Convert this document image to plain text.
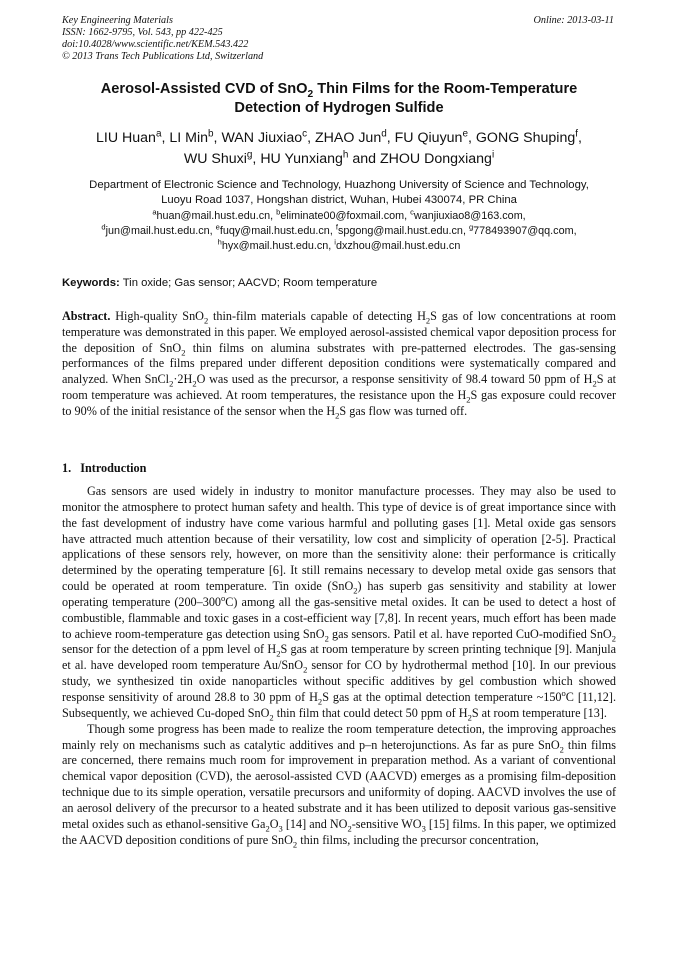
Key Engineering Materials
ISSN: 1662-9795, Vol. 543, pp 422-425
doi:10.4028/www.scientific.net/KEM.543.422
© 2013 Trans Tech Publications Ltd, Switzerland
Online: 2013-03-11
Aerosol-Assisted CVD of SnO$_2$ Thin Films for the Room-Temperature
Detection of Hydrogen Sulfide
LIU Huan$^a$, LI Min$^b$, WAN Jiuxiao$^c$, ZHAO Jun$^d$, FU Qiuyun$^e$, GONG Shuping$^f$,
WU Shuxi$^g$, HU Yunxiang$^h$ and ZHOU Dongxiang$^i$
Department of Electronic Science and Technology, Huazhong University of Science and Technology,
Luoyu Road 1037, Hongshan district, Wuhan, Hubei 430074, PR China
$^a$huan@mail.hust.edu.cn, $^b$eliminate00@foxmail.com, $^c$wanjiuxiao8@163.com,
$^d$jun@mail.hust.edu.cn, $^e$fuqy@mail.hust.edu.cn, $^f$spgong@mail.hust.edu.cn, $^g$778493907@qq.com,
$^h$hyx@mail.hust.edu.cn, $^i$dxzhou@mail.hust.edu.cn
Keywords: Tin oxide; Gas sensor; AACVD; Room temperature
Abstract. High-quality SnO$_2$ thin-film materials capable of detecting $H_2S$ gas of low concentrations at room temperature was demonstrated in this paper. We employed aerosol-assisted chemical vapor deposition process for the deposition of SnO$_2$ thin films on alumina substrates with pre-patterned electrodes. The gas-sensing performances of the films prepared under different deposition conditions were systematically compared and analyzed. When $SnCl_2\cdot 2H_2O$ was used as the precursor, a response sensitivity of 98.4 toward 50 ppm of $H_2S$ at room temperature was achieved. At room temperatures, the resistance upon the $H_2S$ gas exposure could recover to 90% of the initial resistance of the sensor when the $H_2S$ gas flow was turned off.
1. Introduction

Gas sensors are used widely in industry to monitor manufacture processes. They may also be used to monitor the atmosphere to protect human safety and health. This type of device is of great importance since with the fast development of industry have come various harmful and polluting gases [1]. Metal oxide gas sensors have attracted much attention because of their versatility, low cost and simplicity of operation [2-5]. Practical applications of these sensors rely, however, on more than the sensitivity alone: their performance is critically determined by the operating temperature [6]. It still remains necessary to develop metal oxide gas sensors that could be operated at room temperature. Tin oxide (SnO$_2$) has superb gas sensitivity and stability at lower operating temperature (200–300$^o$C) among all the gas-sensitive metal oxides. It can be used to detect a host of combustible, flammable and toxic gases in a cost-efficient way [7,8]. In recent years, much effort has been made to achieve room-temperature gas detection using SnO$_2$ gas sensors. Patil et al. have reported CuO-modified SnO$_2$ sensor for the detection of a ppm level of $H_2S$ gas at room temperature by screen printing technique [9]. Manjula et al. have developed room temperature Au/SnO$_2$ sensor for CO by hydrothermal method [10]. In our previous study, we synthesized tin oxide nanoparticles without specific additives by gel combustion which showed response sensitivity of around 28.8 to 30 ppm of $H_2S$ gas at the optimal detection temperature ~150$^o$C [11,12]. Subsequently, we achieved Cu-doped SnO$_2$ thin film that could detect 50 ppm of $H_2S$ at room temperature [13].

Though some progress has been made to realize the room temperature detection, the improving approaches mainly rely on mechanisms such as catalytic additives and p–n heterojunctions. As far as pure SnO$_2$ thin films are concerned, there remains much room for improvement in preparation method. As a variant of conventional chemical vapor deposition (CVD), the aerosol-assisted CVD (AACVD) emerges as a promising film-deposition technique due to its simple operation, versatile precursors and uniformity of doping. AACVD involves the use of an aerosol delivery of the precursor to a heated substrate and it has been utilized to deposit various gas-sensitive metal oxides such as ethanol-sensitive $Ga_2O_3$ [14] and $NO_2$-sensitive $WO_3$ [15] films. In this paper, we optimized the AACVD deposition conditions of pure SnO$_2$ thin films, including the precursor concentration,
